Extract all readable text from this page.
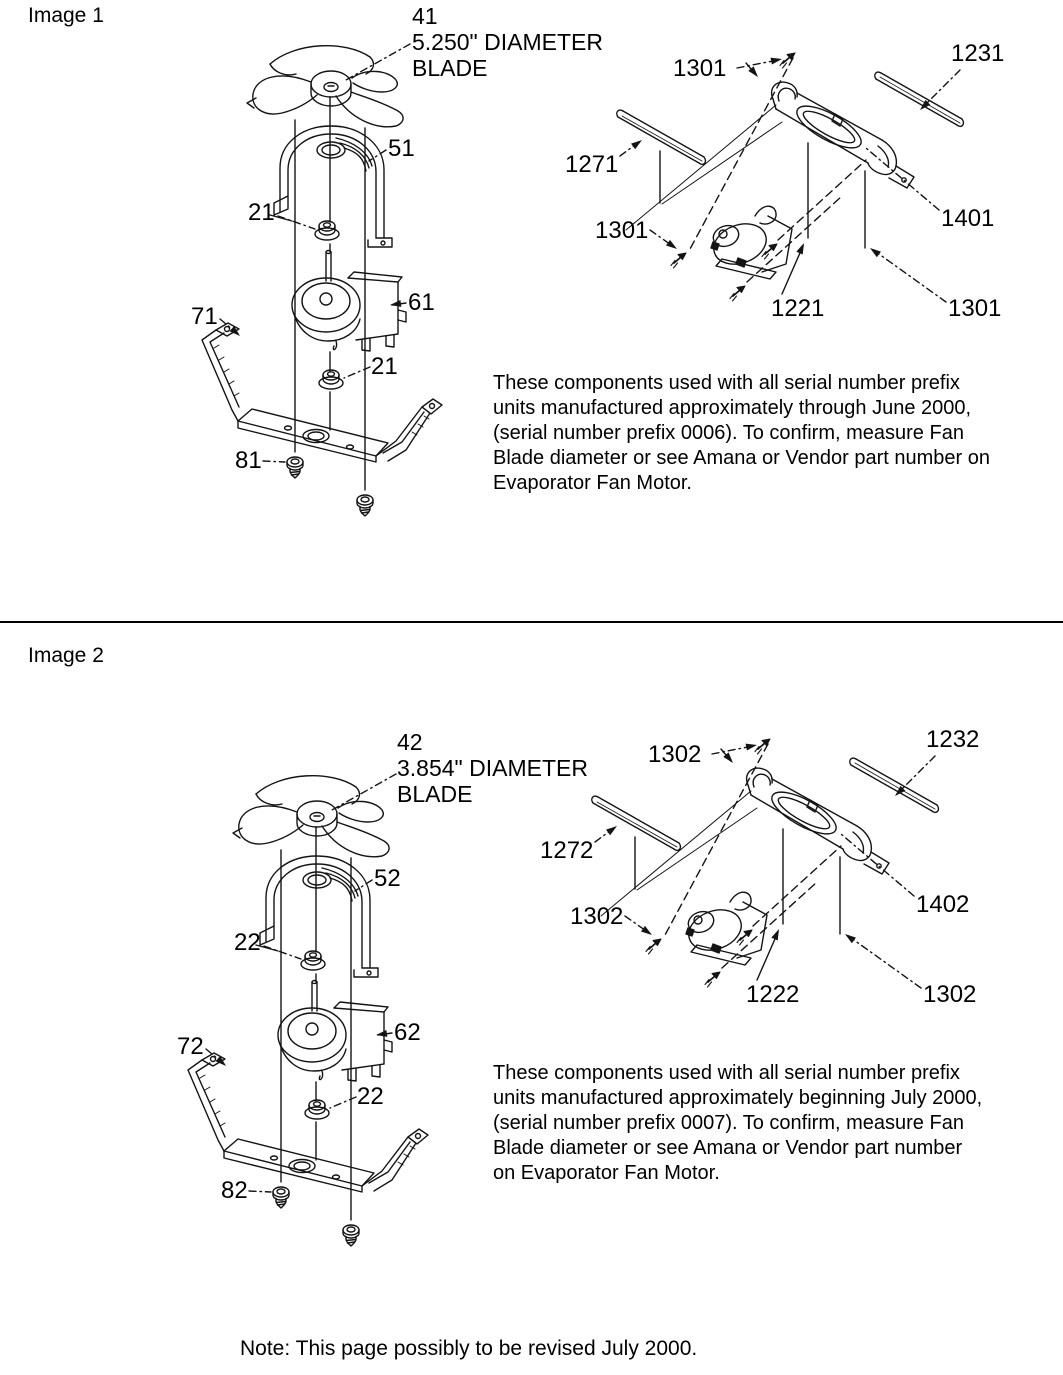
Image 1
51
21
61
71
21
81
41
5.250" DIAMETER
BLADE	1301
1231
1271
1301	1401
1221	1301
These components used with all serial number prefix
units manufactured approximately through June 2000,
(serial number prefix 0006). To confirm, measure Fan
Blade diameter or see Amana or Vendor part number on
Evaporator Fan Motor.
Image 2
52
22
62
72
22
82
42
3.854" DIAMETER
BLADE
1302
1232
1272
1302	1402
1222	1302
These components used with all serial number prefix
units manufactured approximately beginning July 2000,
(serial number prefix 0007). To confirm, measure Fan
Blade diameter or see Amana or Vendor part number
on Evaporator Fan Motor.
Note: This page possibly to be revised July 2000.
